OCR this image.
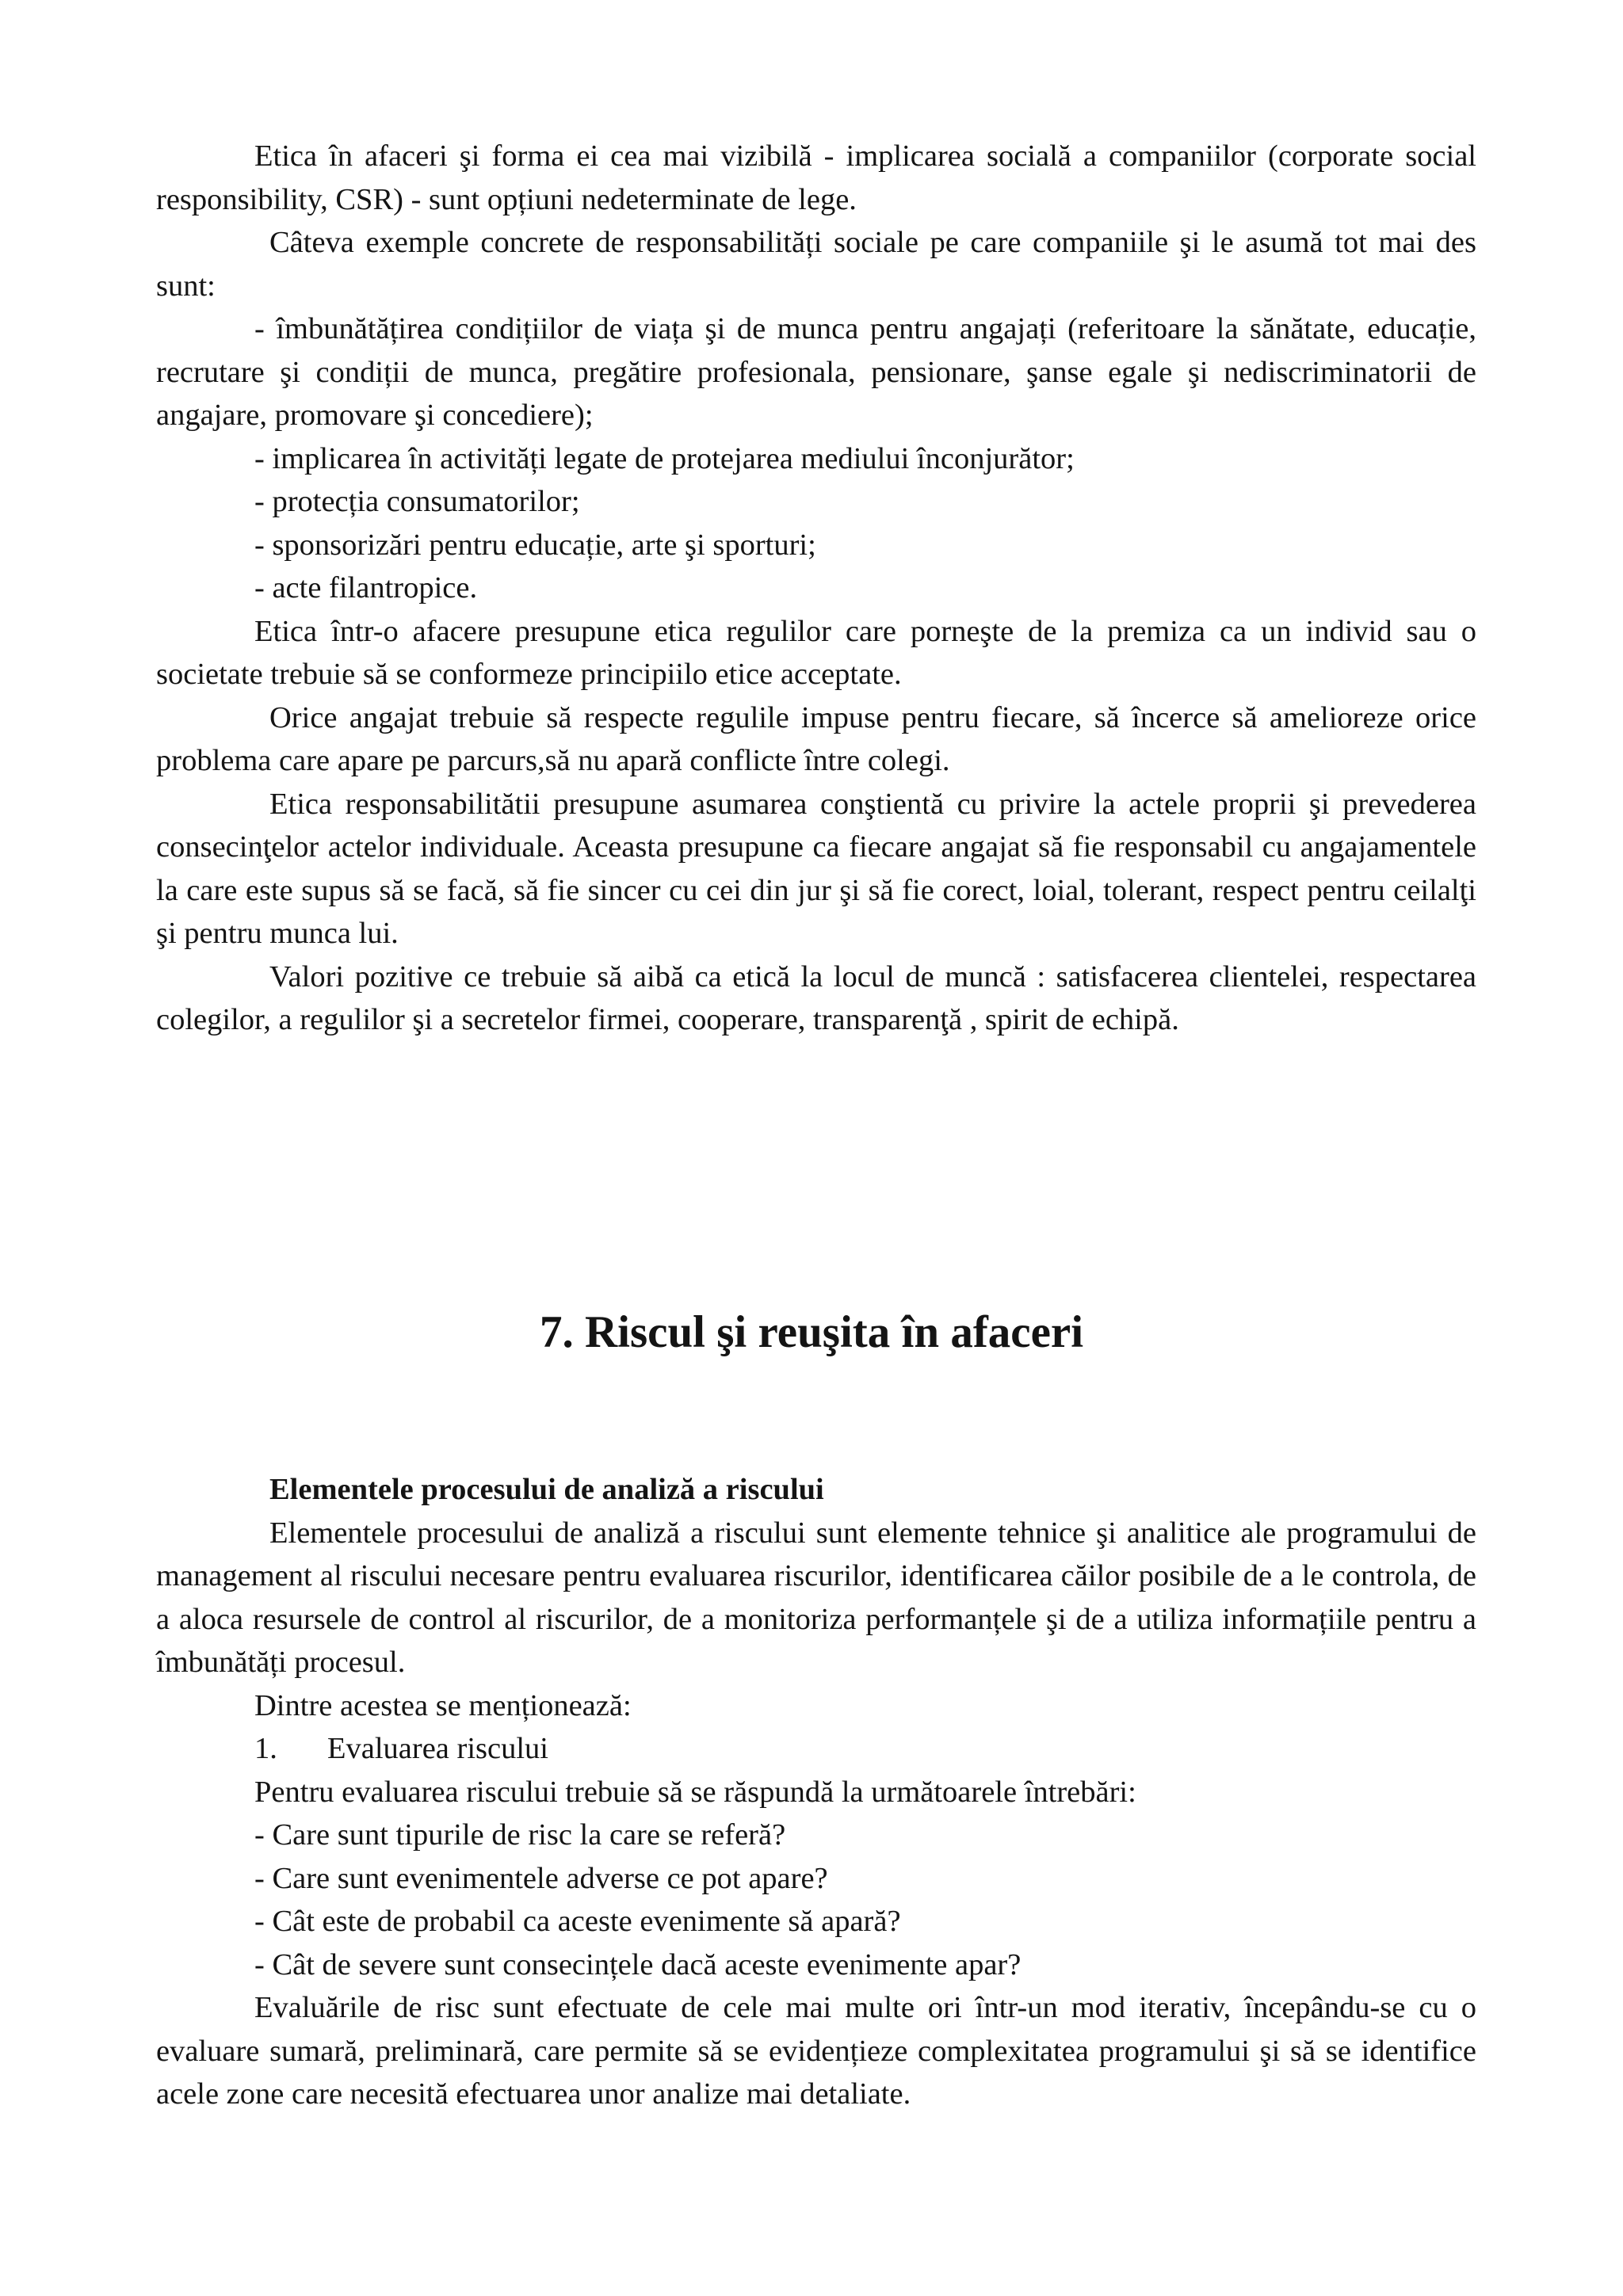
Etica în afaceri şi forma ei cea mai vizibilă - implicarea socială a companiilor (corporate social responsibility, CSR) - sunt opțiuni nedeterminate de lege.

Câteva exemple concrete de responsabilități sociale pe care companiile şi le asumă tot mai des sunt:

- îmbunătățirea condițiilor de viața şi de munca pentru angajați (referitoare la sănătate, educație, recrutare şi condiții de munca, pregătire profesionala, pensionare, şanse egale şi nediscriminatorii de angajare, promovare şi concediere);

- implicarea în activități legate de protejarea mediului înconjurător;

- protecția consumatorilor;

- sponsorizări pentru educație, arte şi sporturi;

- acte filantropice.

Etica într-o afacere presupune etica regulilor care porneşte de la premiza ca un individ sau o societate trebuie să se conformeze principiilo etice acceptate.

Orice angajat trebuie să respecte regulile impuse pentru fiecare, să încerce să amelioreze orice problema care apare pe parcurs,să nu apară conflicte între colegi.

Etica responsabilitătii presupune asumarea conştientă cu privire la actele proprii şi prevederea consecinţelor actelor individuale. Aceasta presupune ca fiecare angajat să fie responsabil cu angajamentele la care este supus să se facă, să fie sincer cu cei din jur şi să fie corect, loial, tolerant, respect pentru ceilalţi şi pentru munca lui.

Valori pozitive ce trebuie să aibă ca etică la locul de muncă : satisfacerea clientelei, respectarea colegilor, a regulilor şi a secretelor firmei, cooperare, transparenţă , spirit de echipă.

7. Riscul şi reuşita în afaceri

Elementele procesului de analiză a riscului

Elementele procesului de analiză a riscului sunt elemente tehnice şi analitice ale programului de management al riscului necesare pentru evaluarea riscurilor, identificarea căilor posibile de a le controla, de a aloca resursele de control al riscurilor, de a monitoriza performanțele şi de a utiliza informațiile pentru a îmbunătăți procesul.

Dintre acestea se menționează:

1. Evaluarea riscului

Pentru evaluarea riscului trebuie să se răspundă la următoarele întrebări:

- Care sunt tipurile de risc la care se referă?

- Care sunt evenimentele adverse ce pot apare?

- Cât este de probabil ca aceste evenimente să apară?

- Cât de severe sunt consecințele dacă aceste evenimente apar?

Evaluările de risc sunt efectuate de cele mai multe ori într-un mod iterativ, începându-se cu o evaluare sumară, preliminară, care permite să se evidențieze complexitatea programului şi să se identifice acele zone care necesită efectuarea unor analize mai detaliate.
